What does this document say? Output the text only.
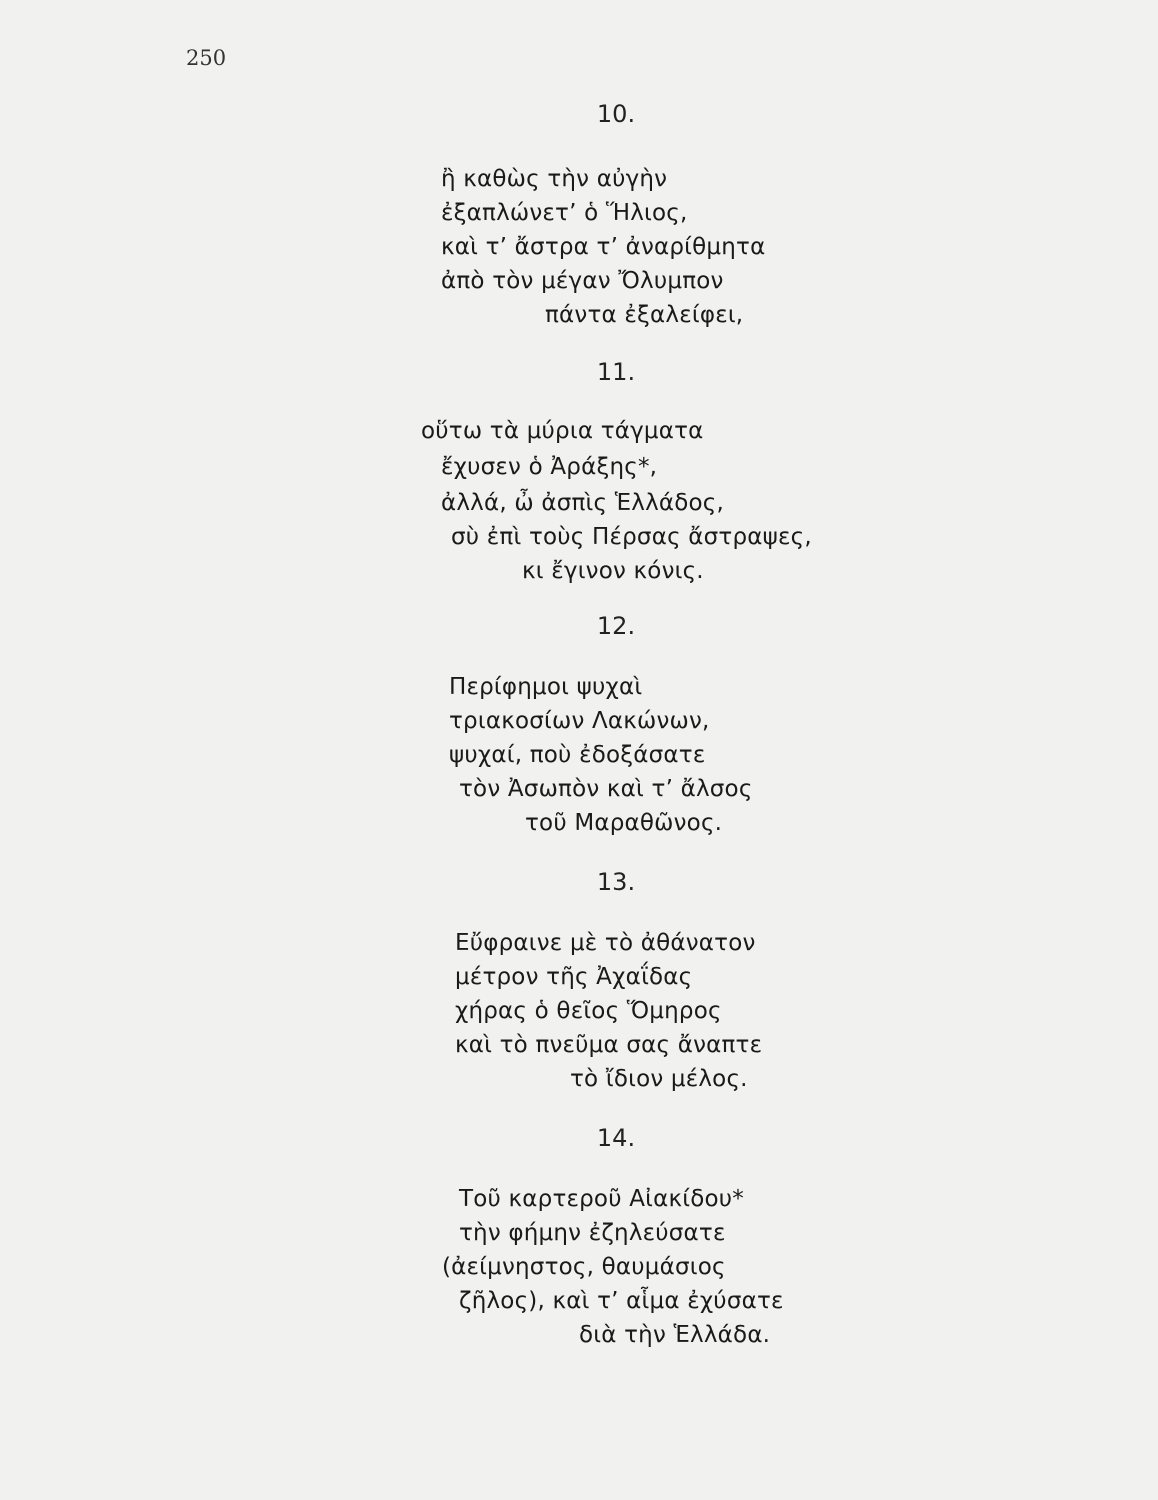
250
10.
ἢ καθὼς τὴν αὐγὴν
ἐξαπλώνετ’ ὁ Ἥλιος,
καὶ τ’ ἄστρα τ’ ἀναρίθμητα
ἀπὸ τὸν μέγαν Ὄλυμπον
πάντα ἐξαλείφει,
11.
οὕτω τὰ μύρια τάγματα
ἔχυσεν ὁ Ἀράξης*,
ἀλλά, ὦ ἀσπὶς Ἑλλάδος,
σὺ ἐπὶ τοὺς Πέρσας ἄστραψες,
κι ἔγινον κόνις.
12.
Περίφημοι ψυχαὶ
τριακοσίων Λακώνων,
ψυχαί, ποὺ ἐδοξάσατε
τὸν Ἀσωπὸν καὶ τ’ ἄλσος
τοῦ Μαραθῶνος.
13.
Εὔφραινε μὲ τὸ ἀθάνατον
μέτρον τῆς Ἀχαΐδας
χήρας ὁ θεῖος Ὅμηρος
καὶ τὸ πνεῦμα σας ἄναπτε
τὸ ἴδιον μέλος.
14.
Τοῦ καρτεροῦ Αἰακίδου*
τὴν φήμην ἐζηλεύσατε
(ἀείμνηστος, θαυμάσιος
ζῆλος), καὶ τ’ αἷμα ἐχύσατε
διὰ τὴν Ἑλλάδα.
